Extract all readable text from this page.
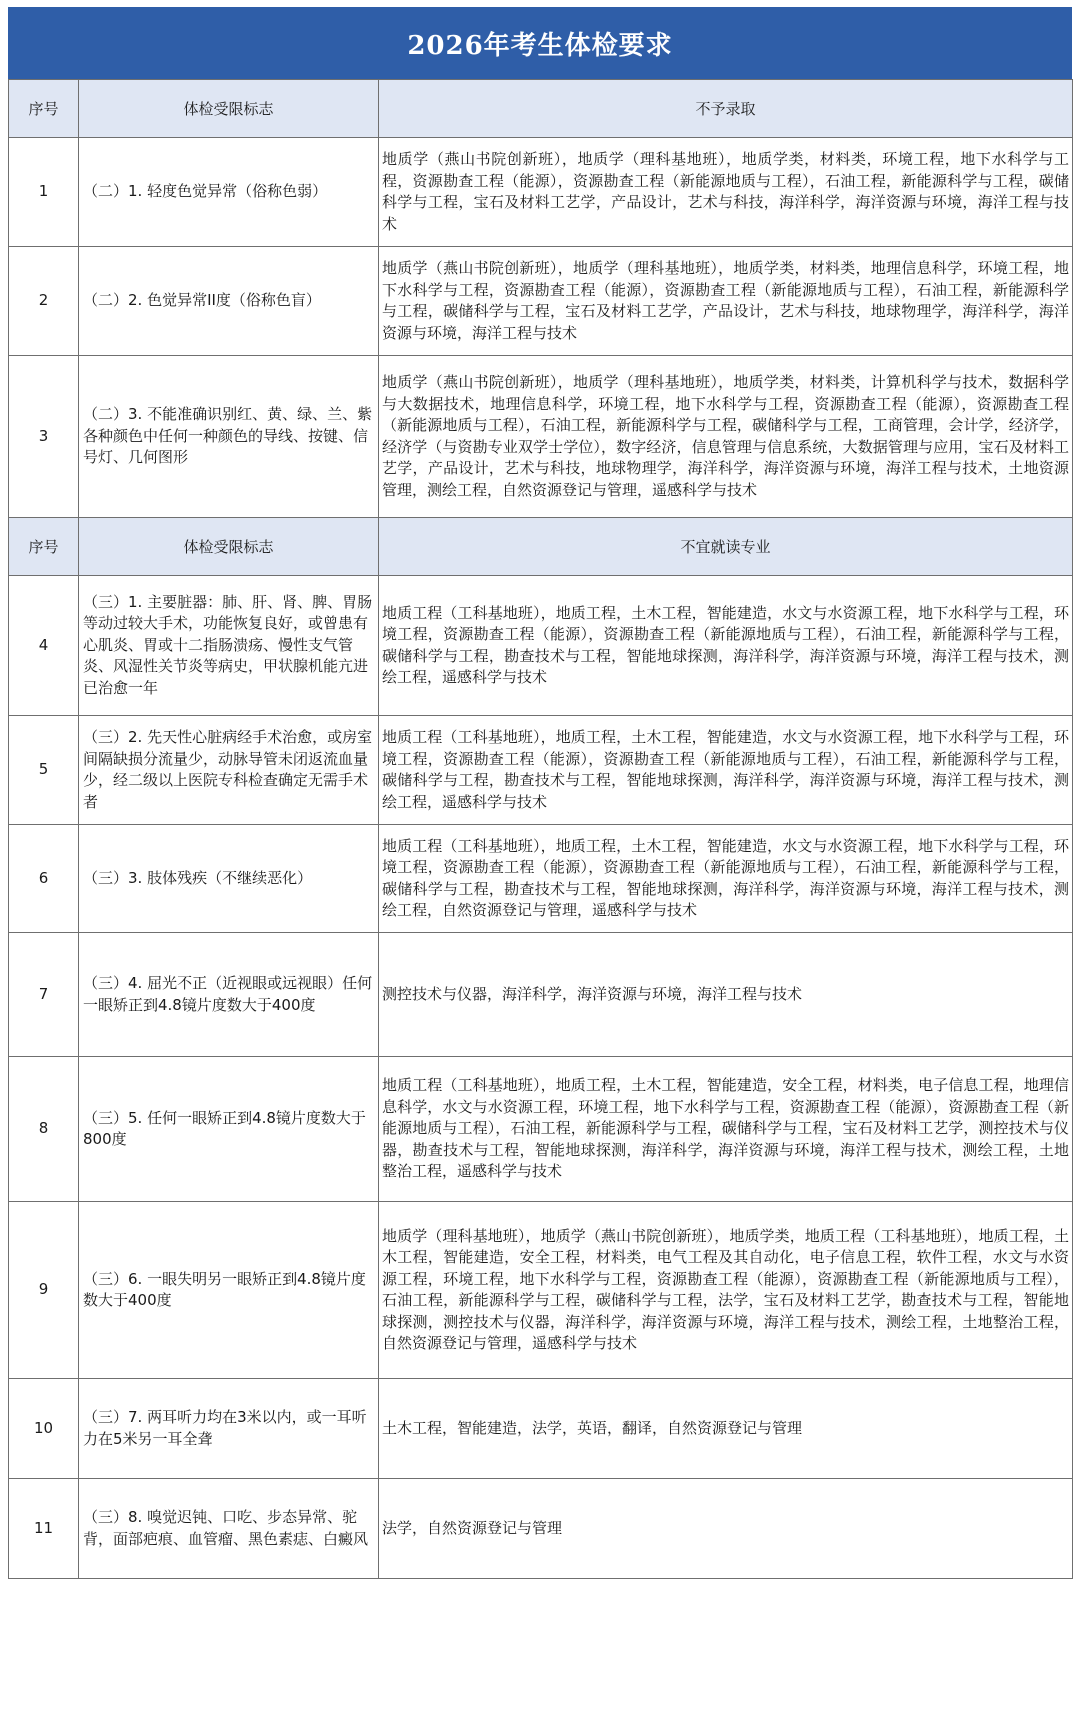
2026年考生体检要求
序号	体检受限标志	不予录取
1	（二）1. 轻度色觉异常（俗称色弱）	地质学（燕山书院创新班），地质学（理科基地班），地质学类，材料类，环境工程，地下水科学与工程，资源勘查工程（能源），资源勘查工程（新能源地质与工程），石油工程，新能源科学与工程，碳储科学与工程，宝石及材料工艺学，产品设计，艺术与科技，海洋科学，海洋资源与环境，海洋工程与技术
2	（二）2. 色觉异常II度（俗称色盲）	地质学（燕山书院创新班），地质学（理科基地班），地质学类，材料类，地理信息科学，环境工程，地下水科学与工程，资源勘查工程（能源），资源勘查工程（新能源地质与工程），石油工程，新能源科学与工程，碳储科学与工程，宝石及材料工艺学，产品设计，艺术与科技，地球物理学，海洋科学，海洋资源与环境，海洋工程与技术
3	（二）3. 不能准确识别红、黄、绿、兰、紫各种颜色中任何一种颜色的导线、按键、信号灯、几何图形	地质学（燕山书院创新班），地质学（理科基地班），地质学类，材料类，计算机科学与技术，数据科学与大数据技术，地理信息科学，环境工程，地下水科学与工程，资源勘查工程（能源），资源勘查工程（新能源地质与工程），石油工程，新能源科学与工程，碳储科学与工程，工商管理，会计学，经济学，经济学（与资勘专业双学士学位），数字经济，信息管理与信息系统，大数据管理与应用，宝石及材料工艺学，产品设计，艺术与科技，地球物理学，海洋科学，海洋资源与环境，海洋工程与技术，土地资源管理，测绘工程，自然资源登记与管理，遥感科学与技术
序号	体检受限标志	不宜就读专业
4	（三）1. 主要脏器：肺、肝、肾、脾、胃肠等动过较大手术，功能恢复良好，或曾患有心肌炎、胃或十二指肠溃疡、慢性支气管炎、风湿性关节炎等病史，甲状腺机能亢进已治愈一年	地质工程（工科基地班），地质工程，土木工程，智能建造，水文与水资源工程，地下水科学与工程，环境工程，资源勘查工程（能源），资源勘查工程（新能源地质与工程），石油工程，新能源科学与工程，碳储科学与工程，勘查技术与工程，智能地球探测，海洋科学，海洋资源与环境，海洋工程与技术，测绘工程，遥感科学与技术
5	（三）2. 先天性心脏病经手术治愈，或房室间隔缺损分流量少，动脉导管未闭返流血量少，经二级以上医院专科检查确定无需手术者	地质工程（工科基地班），地质工程，土木工程，智能建造，水文与水资源工程，地下水科学与工程，环境工程，资源勘查工程（能源），资源勘查工程（新能源地质与工程），石油工程，新能源科学与工程，碳储科学与工程，勘查技术与工程，智能地球探测，海洋科学，海洋资源与环境，海洋工程与技术，测绘工程，遥感科学与技术
6	（三）3. 肢体残疾（不继续恶化）	地质工程（工科基地班），地质工程，土木工程，智能建造，水文与水资源工程，地下水科学与工程，环境工程，资源勘查工程（能源），资源勘查工程（新能源地质与工程），石油工程，新能源科学与工程，碳储科学与工程，勘查技术与工程，智能地球探测，海洋科学，海洋资源与环境，海洋工程与技术，测绘工程，自然资源登记与管理，遥感科学与技术
7	（三）4. 屈光不正（近视眼或远视眼）任何一眼矫正到4.8镜片度数大于400度	测控技术与仪器，海洋科学，海洋资源与环境，海洋工程与技术
8	（三）5. 任何一眼矫正到4.8镜片度数大于800度	地质工程（工科基地班），地质工程，土木工程，智能建造，安全工程，材料类，电子信息工程，地理信息科学，水文与水资源工程，环境工程，地下水科学与工程，资源勘查工程（能源），资源勘查工程（新能源地质与工程），石油工程，新能源科学与工程，碳储科学与工程，宝石及材料工艺学，测控技术与仪器，勘查技术与工程，智能地球探测，海洋科学，海洋资源与环境，海洋工程与技术，测绘工程，土地整治工程，遥感科学与技术
9	（三）6. 一眼失明另一眼矫正到4.8镜片度数大于400度	地质学（理科基地班），地质学（燕山书院创新班），地质学类，地质工程（工科基地班），地质工程，土木工程，智能建造，安全工程，材料类，电气工程及其自动化，电子信息工程，软件工程，水文与水资源工程，环境工程，地下水科学与工程，资源勘查工程（能源），资源勘查工程（新能源地质与工程），石油工程，新能源科学与工程，碳储科学与工程，法学，宝石及材料工艺学，勘查技术与工程，智能地球探测，测控技术与仪器，海洋科学，海洋资源与环境，海洋工程与技术，测绘工程，土地整治工程，自然资源登记与管理，遥感科学与技术
10	（三）7. 两耳听力均在3米以内，或一耳听力在5米另一耳全聋	土木工程，智能建造，法学，英语，翻译，自然资源登记与管理
11	（三）8. 嗅觉迟钝、口吃、步态异常、驼背，面部疤痕、血管瘤、黑色素痣、白癜风	法学，自然资源登记与管理
